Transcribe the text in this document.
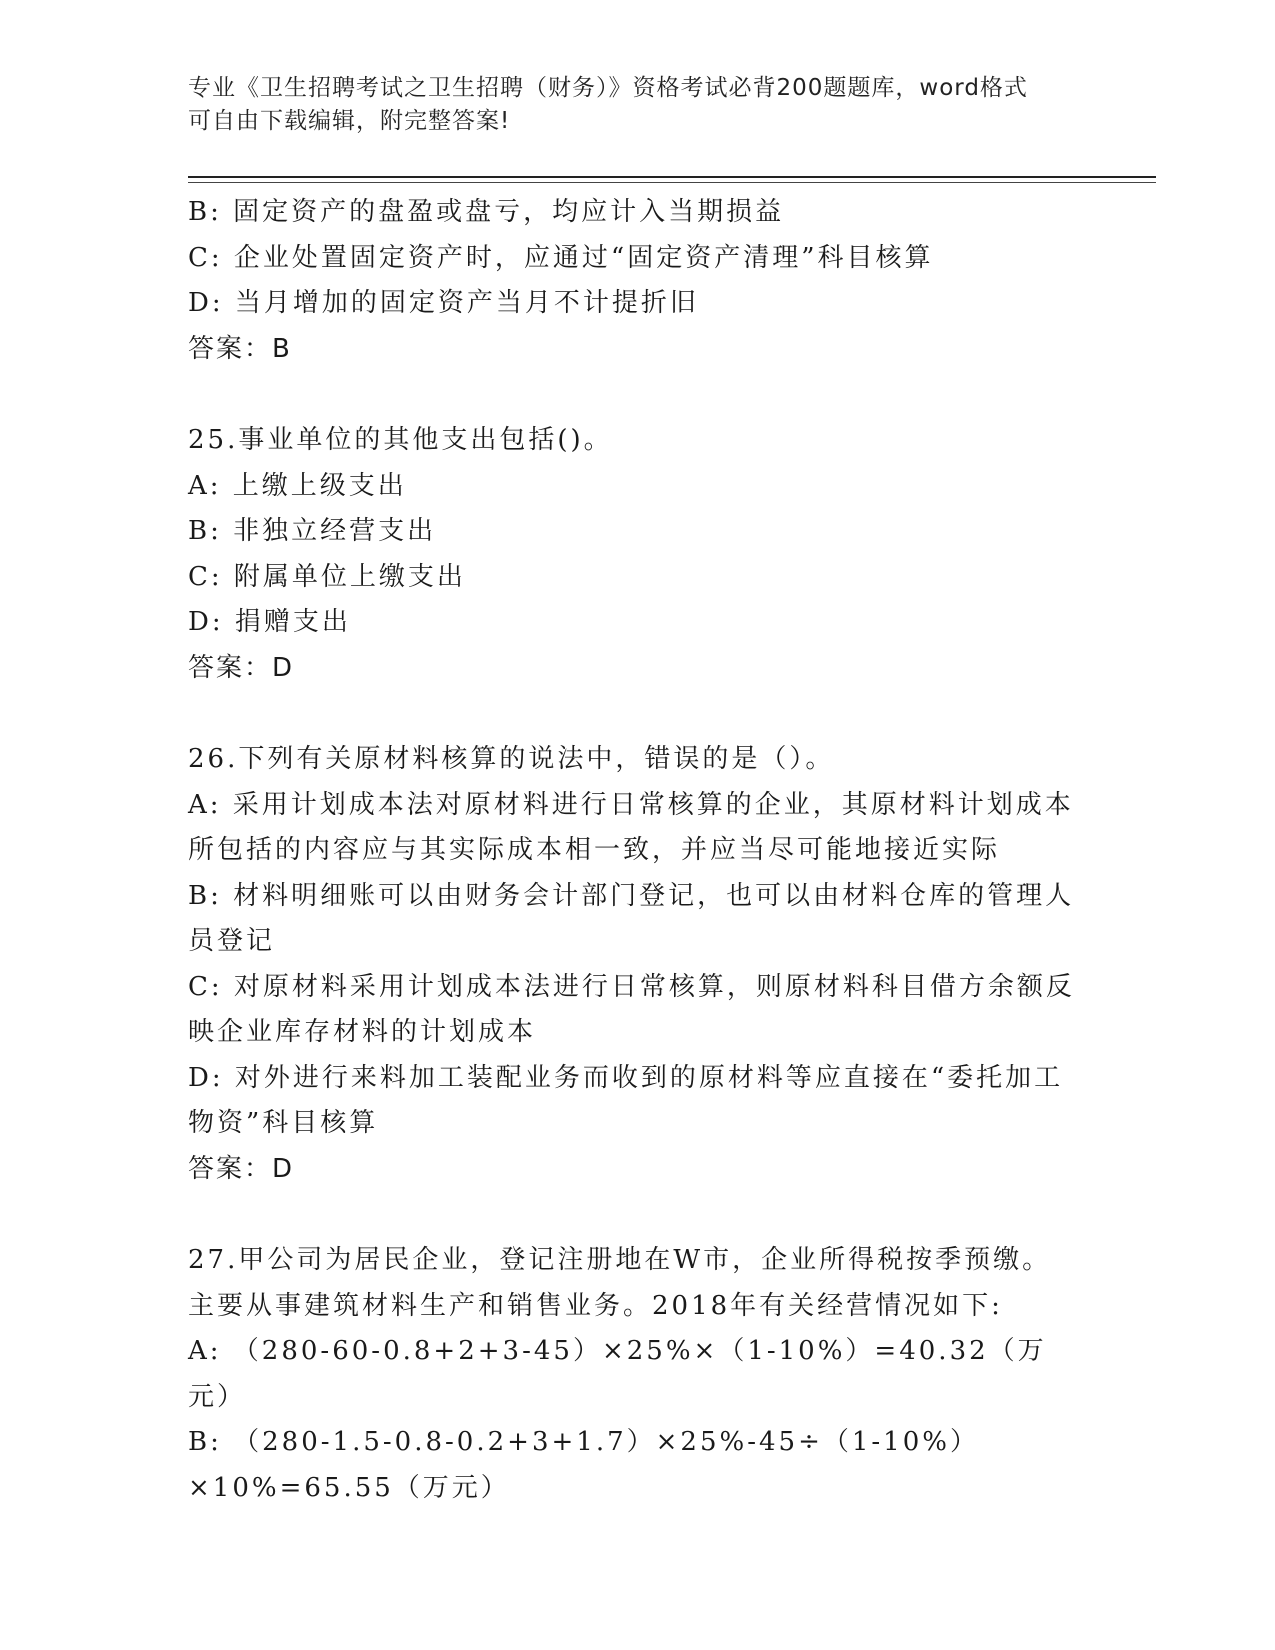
专业《卫生招聘考试之卫生招聘（财务）》资格考试必背200题题库，word格式
可自由下载编辑，附完整答案!

B: 固定资产的盘盈或盘亏，均应计入当期损益

C: 企业处置固定资产时，应通过“固定资产清理”科目核算

D: 当月增加的固定资产当月不计提折旧

答案：B

25.事业单位的其他支出包括()。

A: 上缴上级支出

B: 非独立经营支出

C: 附属单位上缴支出

D: 捐赠支出

答案：D

26.下列有关原材料核算的说法中，错误的是（）。

A: 采用计划成本法对原材料进行日常核算的企业，其原材料计划成本所包括的内容应与其实际成本相一致，并应当尽可能地接近实际

B: 材料明细账可以由财务会计部门登记，也可以由材料仓库的管理人员登记

C: 对原材料采用计划成本法进行日常核算，则原材料科目借方余额反映企业库存材料的计划成本

D: 对外进行来料加工装配业务而收到的原材料等应直接在“委托加工物资”科目核算

答案：D

27.甲公司为居民企业，登记注册地在W市，企业所得税按季预缴。主要从事建筑材料生产和销售业务。2018年有关经营情况如下:

A: （280-60-0.8+2+3-45）×25%×（1-10%）=40.32（万元）

B: （280-1.5-0.8-0.2+3+1.7）×25%-45÷（1-10%）×10%=65.55（万元）
